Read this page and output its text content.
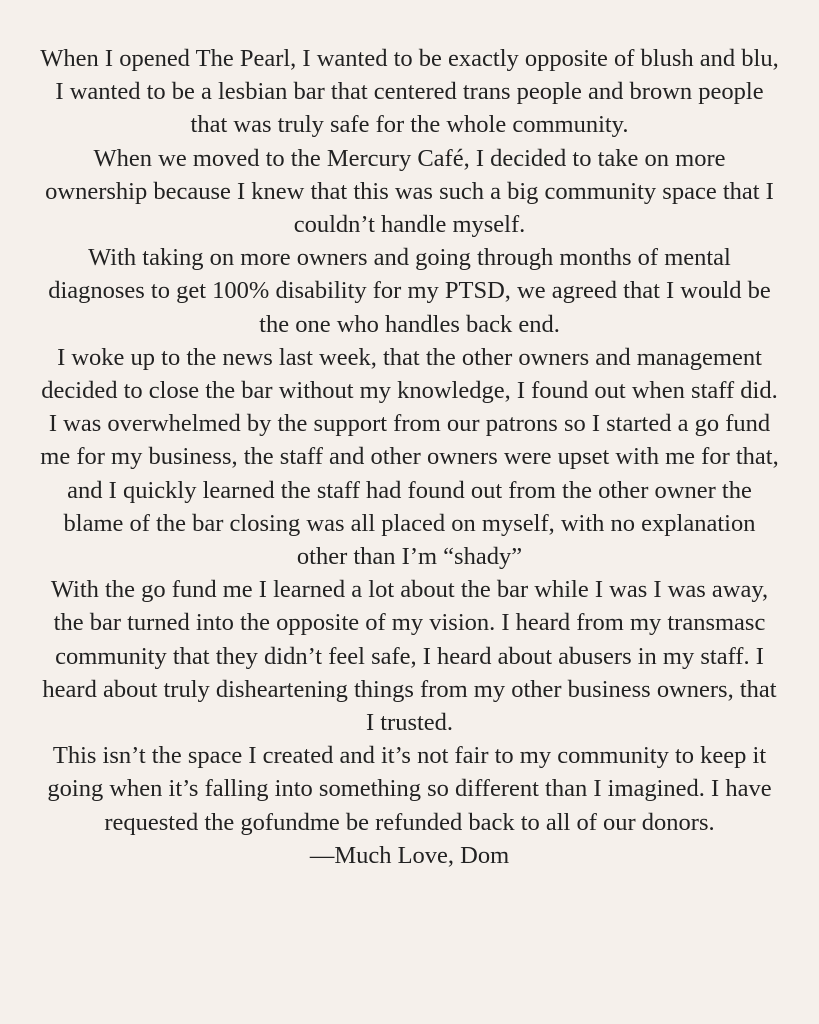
When I opened The Pearl, I wanted to be exactly opposite of blush and blu, I wanted to be a lesbian bar that centered trans people and brown people that was truly safe for the whole community.

When we moved to the Mercury Café, I decided to take on more ownership because I knew that this was such a big community space that I couldn’t handle myself.

With taking on more owners and going through months of mental diagnoses to get 100% disability for my PTSD, we agreed that I would be the one who handles back end.

I woke up to the news last week, that the other owners and management decided to close the bar without my knowledge, I found out when staff did.

I was overwhelmed by the support from our patrons so I started a go fund me for my business, the staff and other owners were upset with me for that, and I quickly learned the staff had found out from the other owner the blame of the bar closing was all placed on myself, with no explanation other than I’m “shady”

With the go fund me I learned a lot about the bar while I was I was away, the bar turned into the opposite of my vision. I heard from my transmasc community that they didn’t feel safe, I heard about abusers in my staff. I heard about truly disheartening things from my other business owners, that I trusted.

This isn’t the space I created and it’s not fair to my community to keep it going when it’s falling into something so different than I imagined. I have requested the gofundme be refunded back to all of our donors.

—Much Love, Dom
